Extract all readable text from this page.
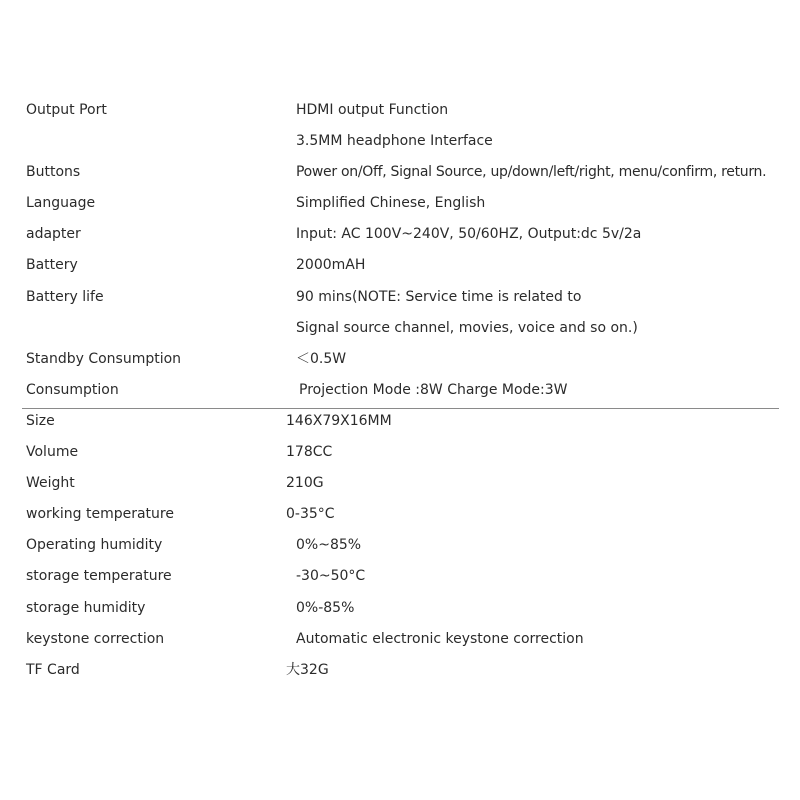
Output Port	HDMI output Function
3.5MM headphone Interface
Buttons	Power on/Off, Signal Source, up/down/left/right, menu/confirm, return.
Language	Simplified Chinese, English
adapter	Input: AC 100V~240V, 50/60HZ, Output:dc 5v/2a
Battery	2000mAH
Battery life	90 mins(NOTE: Service time is related to
Signal source channel, movies, voice and so on.)
Standby Consumption	＜0.5W
Consumption	Projection Mode :8W Charge Mode:3W
Size	146X79X16MM
Volume	178CC
Weight	210G
working temperature	0-35°C
Operating humidity	0%~85%
storage temperature	-30~50°C
storage humidity	0%-85%
keystone correction	Automatic electronic keystone correction
TF Card	大32G
